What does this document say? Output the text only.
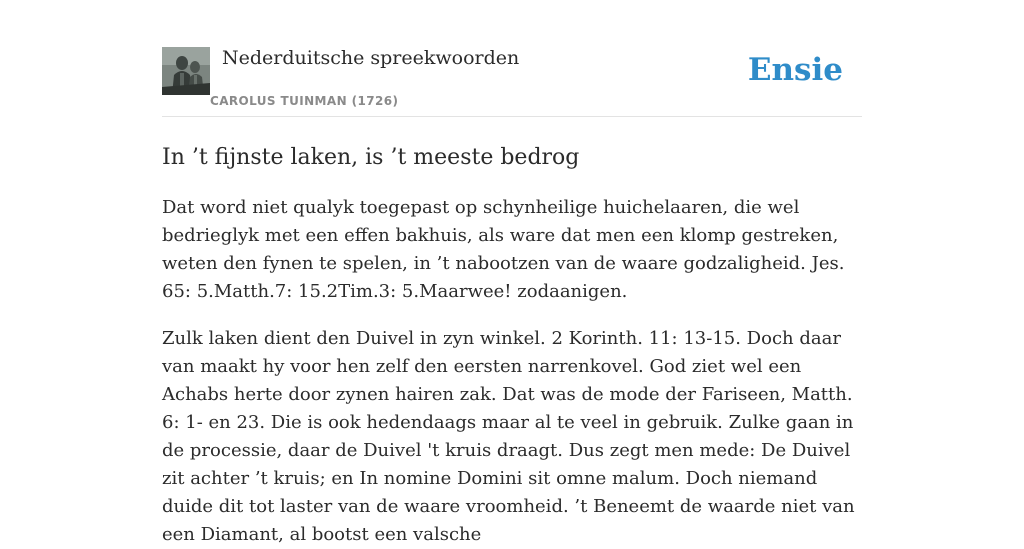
Nederduitsche spreekwoorden
CAROLUS TUINMAN (1726)
Ensie
In ’t fijnste laken, is ’t meeste bedrog

Dat word niet qualyk toegepast op schynheilige huichelaaren, die wel bedrieglyk met een effen bakhuis, als ware dat men een klomp gestreken, weten den fynen te spelen, in ’t nabootzen van de waare godzaligheid. Jes. 65: 5.Matth.7: 15.2Tim.3: 5.Maarwee! zodaanigen.

Zulk laken dient den Duivel in zyn winkel. 2 Korinth. 11: 13-15. Doch daar van maakt hy voor hen zelf den eersten narrenkovel. God ziet wel een Achabs herte door zynen hairen zak. Dat was de mode der Fariseen, Matth. 6: 1- en 23. Die is ook hedendaags maar al te veel in gebruik. Zulke gaan in de processie, daar de Duivel 't kruis draagt. Dus zegt men mede: De Duivel zit achter ’t kruis; en In nomine Domini sit omne malum. Doch niemand duide dit tot laster van de waare vroomheid. ’t Beneemt de waarde niet van een Diamant, al bootst een valsche
